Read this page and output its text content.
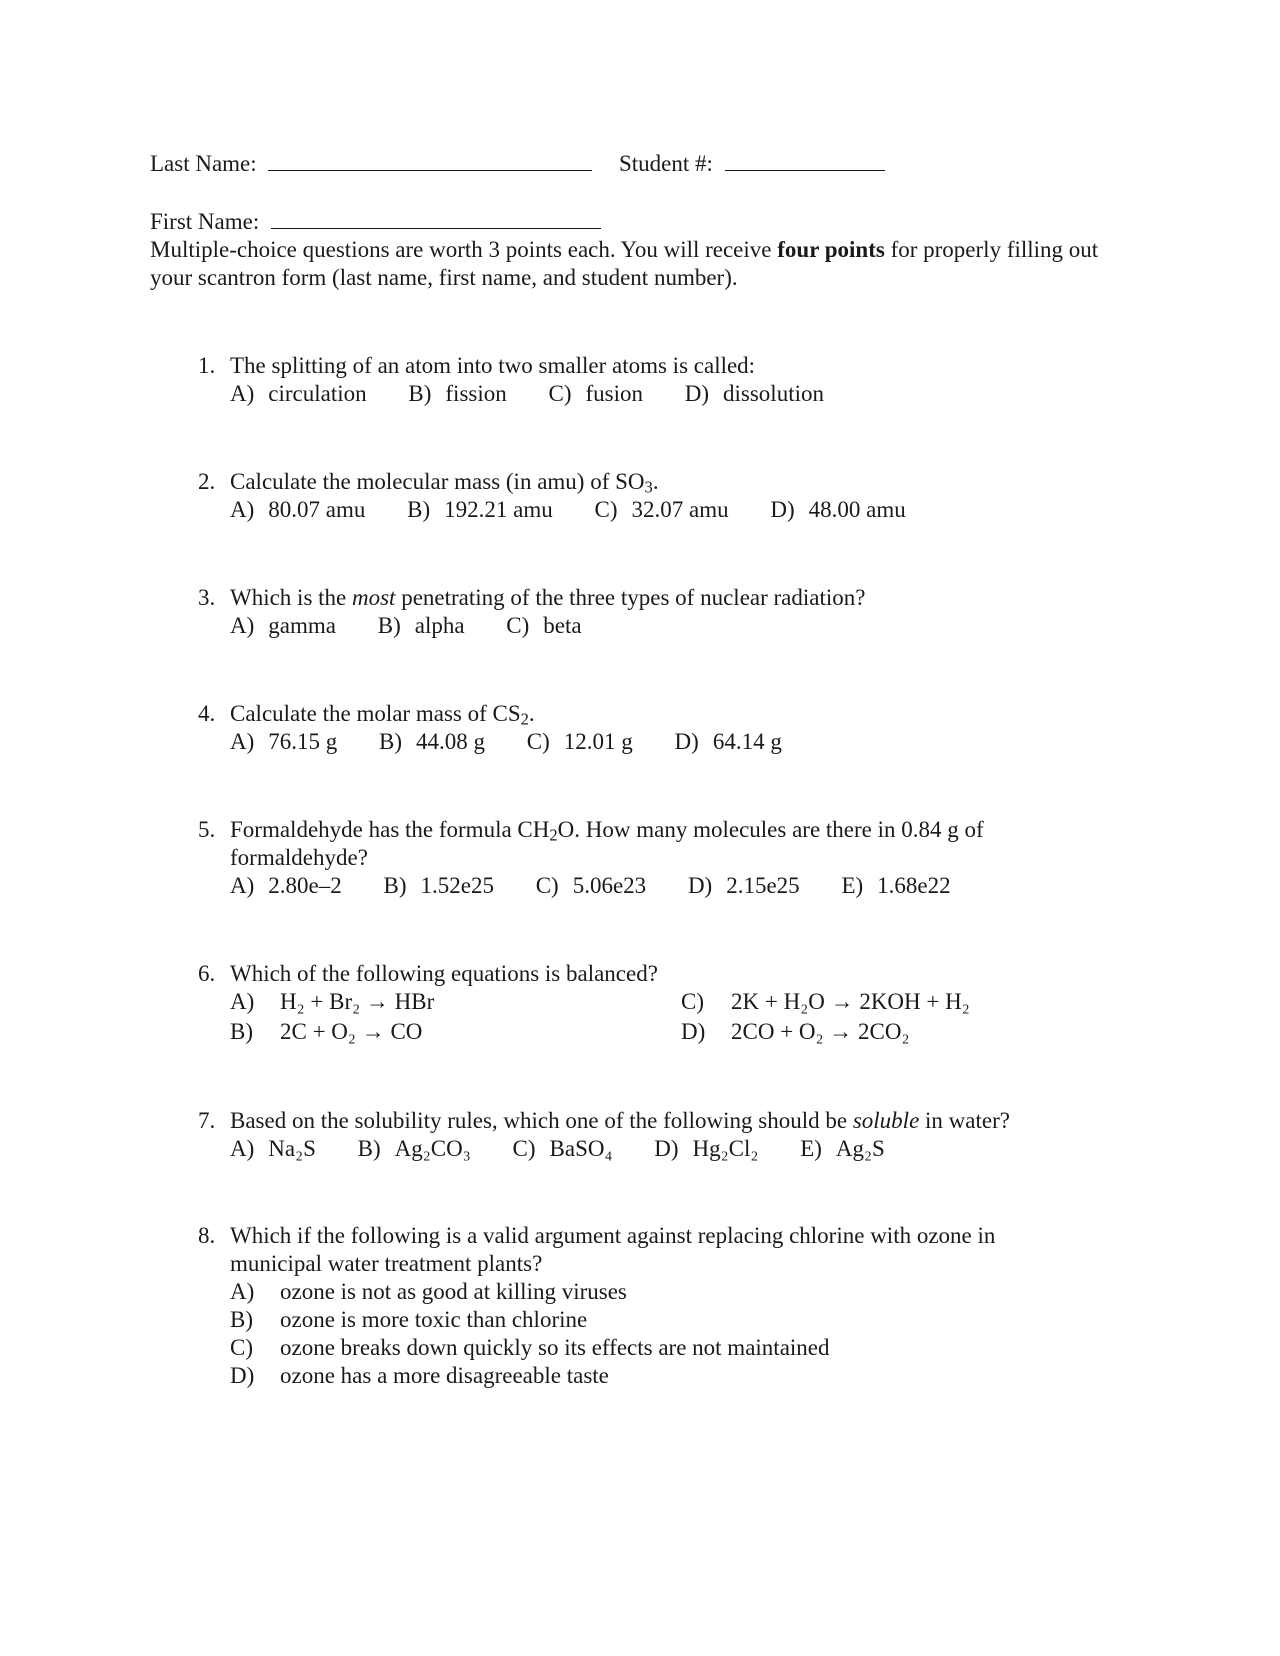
Last Name:	Student #:
First Name:
Multiple-choice questions are worth 3 points each. You will receive four points for properly filling out your scantron form (last name, first name, and student number).
1. The splitting of an atom into two smaller atoms is called:
A) circulation B) fission C) fusion D) dissolution
2. Calculate the molecular mass (in amu) of $SO_3$.
A) 80.07 amu B) 192.21 amu C) 32.07 amu D) 48.00 amu
3. Which is the most penetrating of the three types of nuclear radiation?
A) gamma B) alpha C) beta
4. Calculate the molar mass of $CS_2$.
A) 76.15 g B) 44.08 g C) 12.01 g D) 64.14 g
5. Formaldehyde has the formula $CH_2O$. How many molecules are there in 0.84 g of formaldehyde?
A) 2.80e–2 B) 1.52e25 C) 5.06e23 D) 2.15e25 E) 1.68e22
6. Which of the following equations is balanced?
A) H₂ + Br₂ → HBr
B) 2C + O₂ → CO
C) 2K + H₂O → 2KOH + H₂
D) 2CO + O₂ → 2CO₂
7. Based on the solubility rules, which one of the following should be soluble in water?
A) Na₂S B) Ag₂CO₃ C) BaSO₄ D) Hg₂Cl₂ E) Ag₂S
8. Which if the following is a valid argument against replacing chlorine with ozone in municipal water treatment plants?
A) ozone is not as good at killing viruses
B) ozone is more toxic than chlorine
C) ozone breaks down quickly so its effects are not maintained
D) ozone has a more disagreeable taste
